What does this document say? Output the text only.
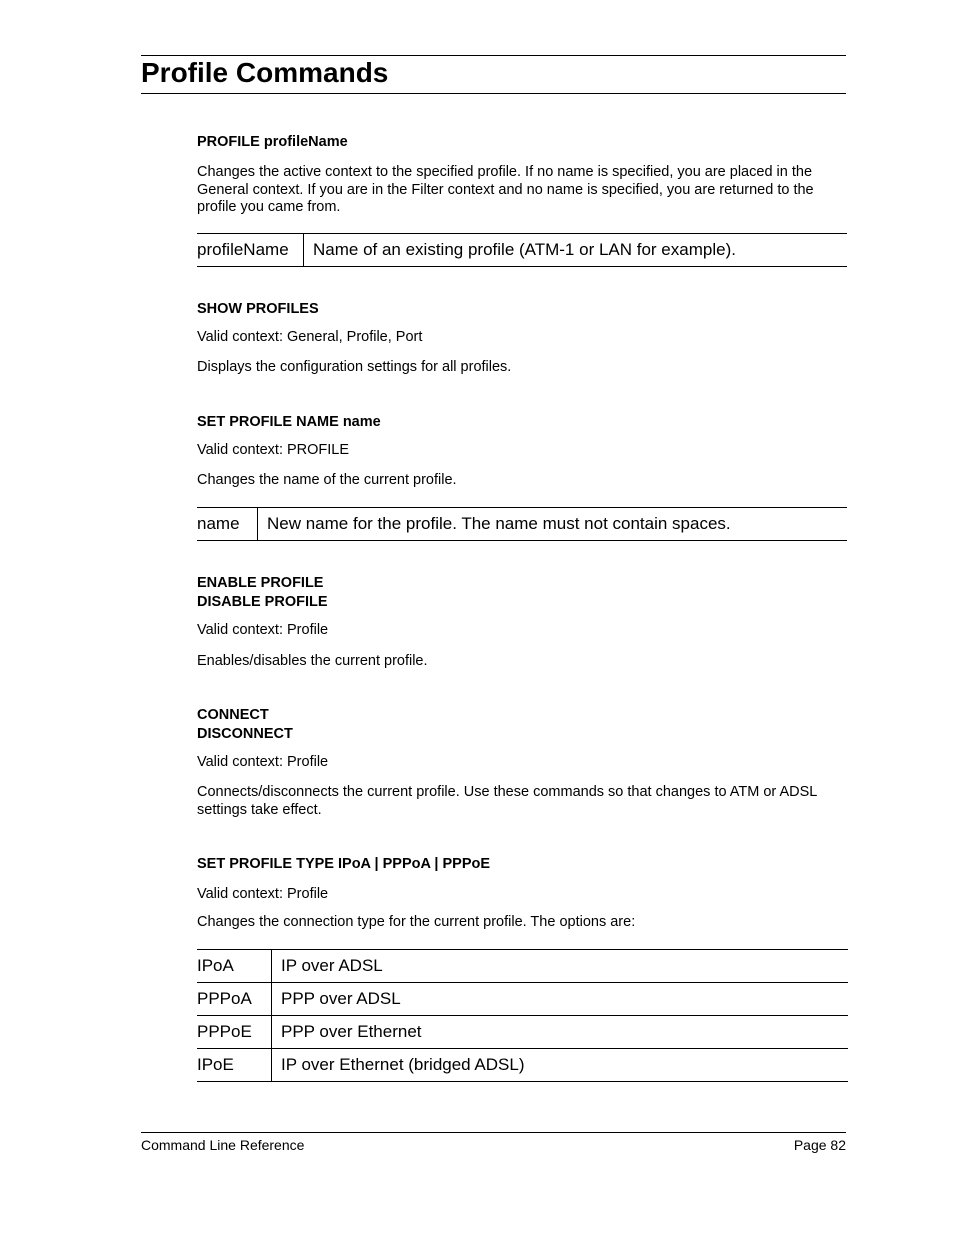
Profile Commands
PROFILE profileName

Changes the active context to the specified profile. If no name is specified, you are placed in the General context. If you are in the Filter context and no name is specified, you are returned to the profile you came from.

profileName	Name of an existing profile (ATM-1 or LAN for example).
SHOW PROFILES

Valid context: General, Profile, Port

Displays the configuration settings for all profiles.

SET PROFILE NAME name

Valid context: PROFILE

Changes the name of the current profile.

name	New name for the profile. The name must not contain spaces.
ENABLE PROFILE
DISABLE PROFILE

Valid context: Profile

Enables/disables the current profile.

CONNECT
DISCONNECT

Valid context: Profile

Connects/disconnects the current profile. Use these commands so that changes to ATM or ADSL settings take effect.

SET PROFILE TYPE IPoA | PPPoA | PPPoE

Valid context: Profile

Changes the connection type for the current profile. The options are:

IPoA	IP over ADSL
PPPoA	PPP over ADSL
PPPoE	PPP over Ethernet
IPoE	IP over Ethernet (bridged ADSL)
Command Line Reference	Page 82
